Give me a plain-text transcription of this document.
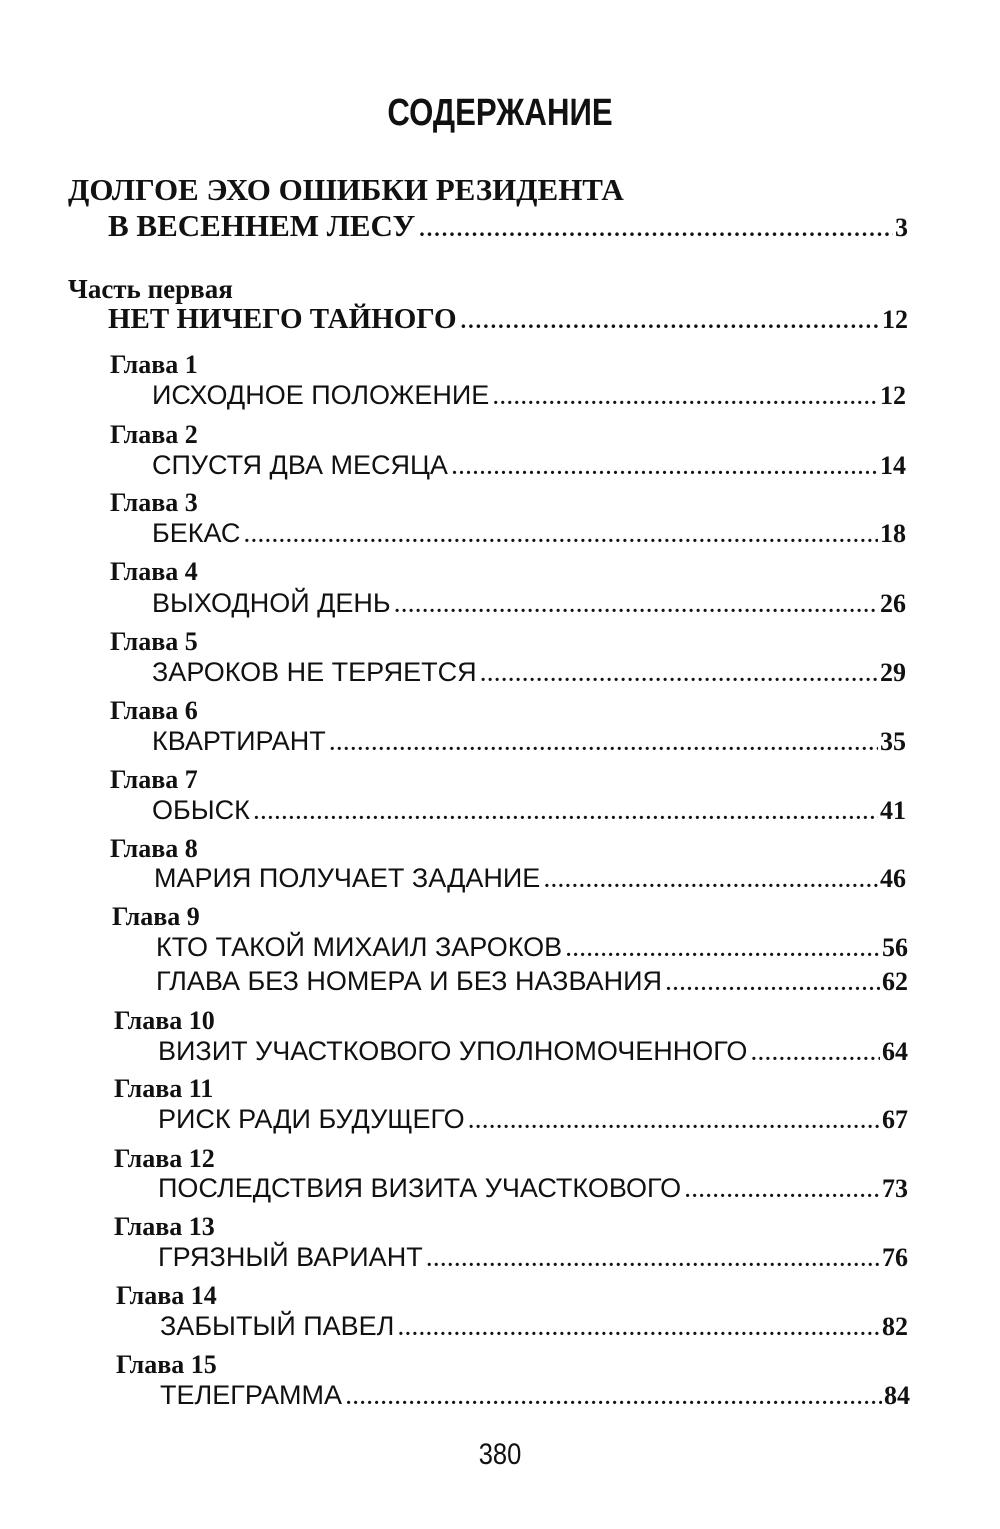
СОДЕРЖАНИЕ
ДОЛГОЕ ЭХО ОШИБКИ РЕЗИДЕНТА
В ВЕСЕННЕМ ЛЕСУ .....	3
Часть первая
НЕТ НИЧЕГО ТАЙНОГО .....	12
Глава 1
ИСХОДНОЕ ПОЛОЖЕНИЕ .....	12
Глава 2
СПУСТЯ ДВА МЕСЯЦА .....	14
Глава 3
БЕКАС .....	18
Глава 4
ВЫХОДНОЙ ДЕНЬ .....	26
Глава 5
ЗАРОКОВ НЕ ТЕРЯЕТСЯ .....	29
Глава 6
КВАРТИРАНТ .....	35
Глава 7
ОБЫСК .....	41
Глава 8
МАРИЯ ПОЛУЧАЕТ ЗАДАНИЕ .....	46
Глава 9
КТО ТАКОЙ МИХАИЛ ЗАРОКОВ .....	56
ГЛАВА БЕЗ НОМЕРА И БЕЗ НАЗВАНИЯ .....	62
Глава 10
ВИЗИТ УЧАСТКОВОГО УПОЛНОМОЧЕННОГО .....	64
Глава 11
РИСК РАДИ БУДУЩЕГО .....	67
Глава 12
ПОСЛЕДСТВИЯ ВИЗИТА УЧАСТКОВОГО .....	73
Глава 13
ГРЯЗНЫЙ ВАРИАНТ .....	76
Глава 14
ЗАБЫТЫЙ ПАВЕЛ .....	82
Глава 15
ТЕЛЕГРАММА .....	84
380
